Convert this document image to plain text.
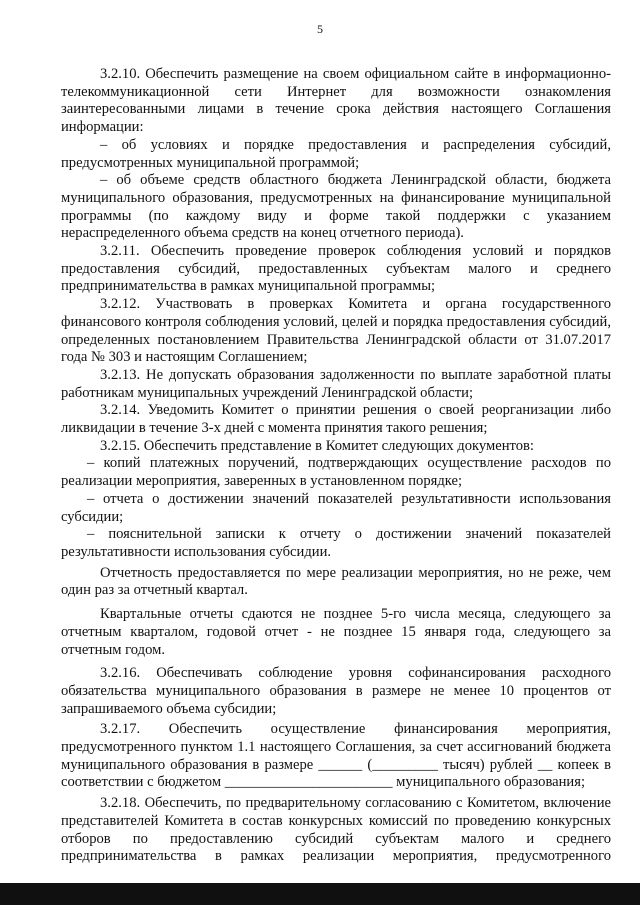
5

3.2.10. Обеспечить размещение на своем официальном сайте в информационно-телекоммуникационной сети Интернет для возможности ознакомления заинтересованными лицами в течение срока действия настоящего Соглашения информации:

– об условиях и порядке предоставления и распределения субсидий, предусмотренных муниципальной программой;

– об объеме средств областного бюджета Ленинградской области, бюджета муниципального образования, предусмотренных на финансирование муниципальной программы (по каждому виду и форме такой поддержки с указанием нераспределенного объема средств на конец отчетного периода).

3.2.11. Обеспечить проведение проверок соблюдения условий и порядков предоставления субсидий, предоставленных субъектам малого и среднего предпринимательства в рамках муниципальной программы;

3.2.12. Участвовать в проверках Комитета и органа государственного финансового контроля соблюдения условий, целей и порядка предоставления субсидий, определенных постановлением Правительства Ленинградской области от 31.07.2017 года № 303 и настоящим Соглашением;

3.2.13. Не допускать образования задолженности по выплате заработной платы работникам муниципальных учреждений Ленинградской области;

3.2.14. Уведомить Комитет о принятии решения о своей реорганизации либо ликвидации в течение 3-х дней с момента принятия такого решения;

3.2.15. Обеспечить представление в Комитет следующих документов:

– копий платежных поручений, подтверждающих осуществление расходов по реализации мероприятия, заверенных в установленном порядке;

– отчета о достижении значений показателей результативности использования субсидии;

– пояснительной записки к отчету о достижении значений показателей результативности использования субсидии.

Отчетность предоставляется по мере реализации мероприятия, но не реже, чем один раз за отчетный квартал.

Квартальные отчеты сдаются не позднее 5-го числа месяца, следующего за отчетным кварталом, годовой отчет - не позднее 15 января года, следующего за отчетным годом.

3.2.16. Обеспечивать соблюдение уровня софинансирования расходного обязательства муниципального образования в размере не менее 10 процентов от запрашиваемого объема субсидии;

3.2.17. Обеспечить осуществление финансирования мероприятия, предусмотренного пунктом 1.1 настоящего Соглашения, за счет ассигнований бюджета муниципального образования в размере ______ (_________ тысяч) рублей __ копеек в соответствии с бюджетом _______________________ муниципального образования;

3.2.18. Обеспечить, по предварительному согласованию с Комитетом, включение представителей Комитета в состав конкурсных комиссий по проведению конкурсных отборов по предоставлению субсидий субъектам малого и среднего предпринимательства в рамках реализации мероприятия, предусмотренного
